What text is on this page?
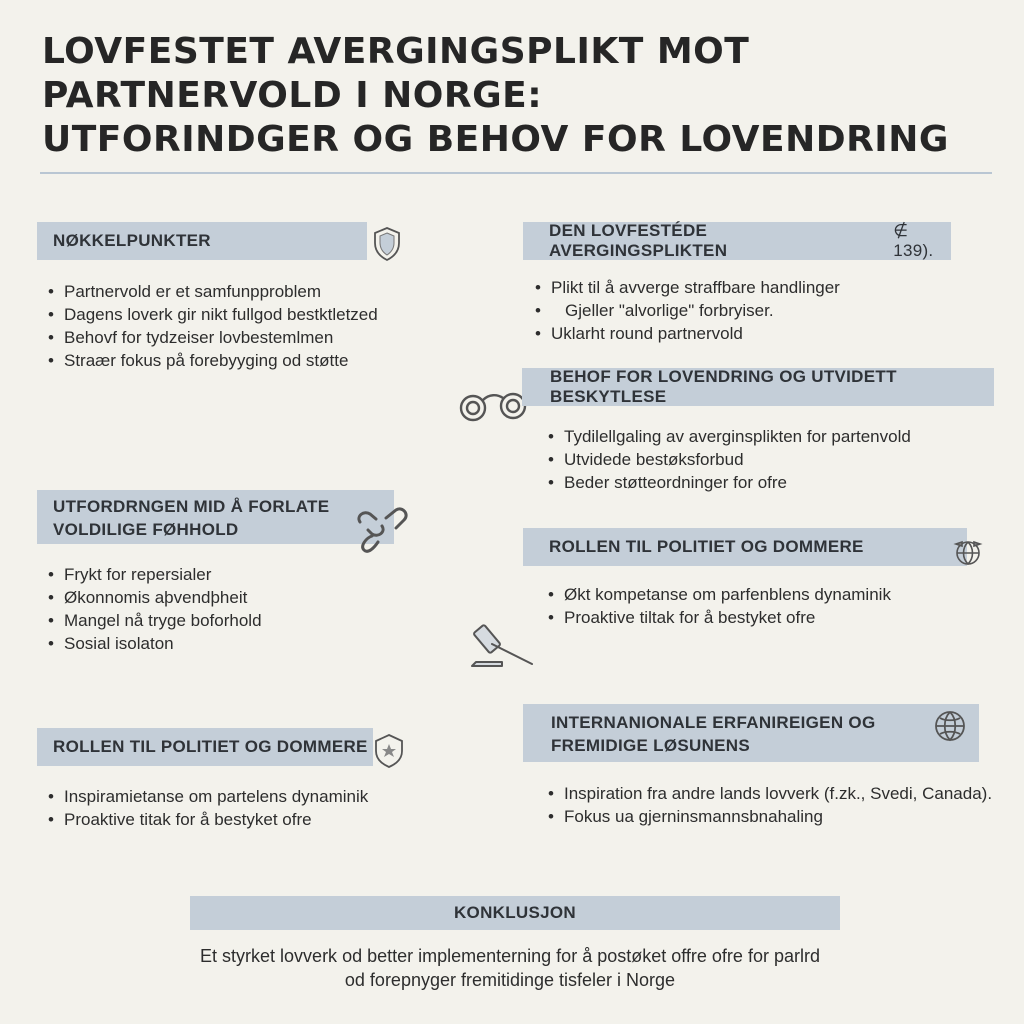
LOVFESTET AVERGINGSPLIKT MOT
PARTNERVOLD I NORGE:
UTFORINDGER OG BEHOV FOR LOVENDRING
NØKKELPUNKTER
• Partnervold er et samfunpproblem
• Dagens loverk gir nikt fullgod bestktletzed
• Behovf for tydzeiser lovbestemlmen
• Straær fokus på forebyyging od støtte
UTFORDRNGEN MID Å FORLATE
VOLDILIGE FØHHOLD
• Frykt for repersialer
• Økonnomis aþvendþheit
• Mangel nå tryge boforhold
• Sosial isolaton
ROLLEN TIL POLITIET OG DOMMERE
• Inspiramietanse om partelens dynaminik
• Proaktive titak for å bestyket ofre
DEN LOVFESTÉDE AVERGINGSPLIKTEN
∉ 139).
• Plikt til å avverge straffbare handlinger
• Gjeller "alvorlige" forbryiser.
• Uklarht round partnervold
BEHOF FOR LOVENDRING OG UTVIDETT BESKYTLESE
• Tydilellgaling av averginsplikten for partenvold
• Utvidede bestøksforbud
• Beder støtteordninger for ofre
ROLLEN TIL POLITIET OG DOMMERE
• Økt kompetanse om parfenblens dynaminik
• Proaktive tiltak for å bestyket ofre
INTERNANIONALE ERFANIREIGEN OG
FREMIDIGE LØSUNENS
• Inspiration fra andre lands lovverk (f.zk., Svedi, Canada).
• Fokus ua gjerninsmannsbnahaling
KONKLUSJON
Et styrket lovverk od better implementerning for å postøket offre ofre for parlrd
od forepnyger fremitidinge tisfeler i Norge
